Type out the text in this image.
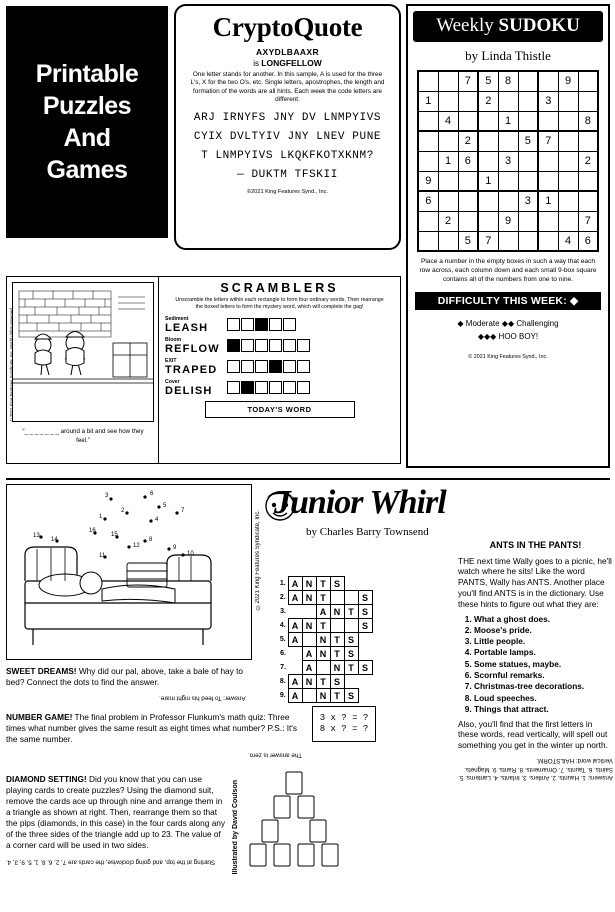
Printable
Puzzles
And
Games
CryptoQuote
AXYDLBAAXR
is LONGFELLOW
One letter stands for another. In this sample, A is used for the three L's, X for the two O's, etc. Single letters, apostrophes, the length and formation of the words are all hints. Each week the code letters are different.
ARJ IRNYFS JNY DV LNMPYIVS
CYIX DVLTYIV JNY LNEV PUNE
T LNMPYIVS LKQKFKOTXKNM?
— DUKTM TFSKII
©2021 King Features Synd., Inc.
Weekly SUDOKU
by Linda Thistle
		7	5	8			9	
1			2			3		
	4			1				8
		2			5	7		
	1	6		3				2
9			1					
6					3	1		
	2			9				7
		5	7				4	6
Place a number in the empty boxes in such a way that each row across, each column down and each small 9-box square contains all of the numbers from one to nine.
DIFFICULTY THIS WEEK: ◆
◆ Moderate ◆◆ Challenging
◆◆◆ HOO BOY!
© 2021 King Features Synd., Inc.
“_ _ _ _ _ _ _ around a bit and see how they feel.”
SCRAMBLERS
Unscramble the letters within each rectangle to form four ordinary words. Then rearrange the boxed letters to form the mystery word, which will complete the gag!
Sediment
LEASH
Bloom
REFLOW
EXIT
TRAPED
Cover
DELISH
TODAY'S WORD
3	6
5
2
1	4
7
16
15
8
9
10
14
13
11
12	©2021 King Features Syndicate, Inc.
Junior Whirl
by Charles Barry Townsend
1.	A	N	T	S		
2.	A	N	T			S
3.			A	N	T	S
4.	A	N	T			S
5.	A		N	T	S	
6.		A	N	T	S	
7.		A		N	T	S
8.	A	N	T	S		
9.	A		N	T	S	
ANTS IN THE PANTS!
THE next time Wally goes to a picnic, he'll watch where he sits! Like the word PANTS, Wally has ANTS. Another place you'll find ANTS is in the dictionary. Use these hints to figure out what they are:
1. What a ghost does.
2. Moose's pride.
3. Little people.
4. Portable lamps.
5. Some statues, maybe.
6. Scornful remarks.
7. Christmas-tree decorations.
8. Loud speeches.
9. Things that attract.
Also, you'll find that the first letters in these words, read vertically, will spell out something you get in the winter up north.
Answers: 1. Haunts. 2. Antlers. 3. Infants. 4. Lanterns. 5. Saints. 6. Taunts. 7. Ornaments. 8. Rants. 9. Magnets. Vertical word: HAILSTORM.
SWEET DREAMS! Why did our pal, above, take a bale of hay to bed? Connect the dots to find the answer.
Answer: To feed his night mare.
NUMBER GAME! The final problem in Professor Flunkum's math quiz: Three times what number gives the same result as eight times what number? P.S.: It's the same number.
The answer is zero.
3 x ? = ?
8 x ? = ?
DIAMOND SETTING! Did you know that you can use playing cards to create puzzles? Using the diamond suit, remove the cards ace up through nine and arrange them in a triangle as shown at right. Then, rearrange them so that the pips (diamonds, in this case) in the four cards along any of the three sides of the triangle add up to 23. The value of a corner card will be used in two sides.
Starting at the top, and going clockwise, the cards are 7, 2, 6, 8, 1, 5, 9, 3, 4.	Illustrated by David Coulson
